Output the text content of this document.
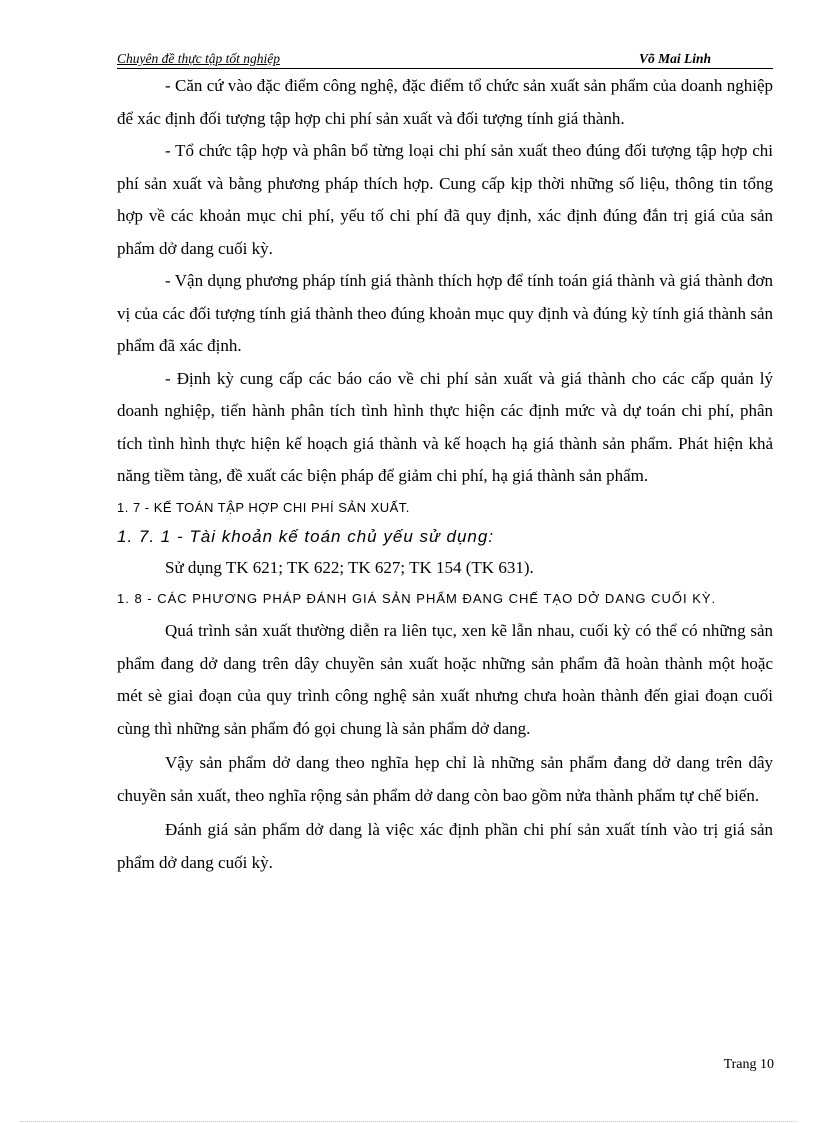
Chuyên đề thực tập tốt nghiệp	Võ Mai Linh

- Căn cứ vào đặc điểm công nghệ, đặc điểm tổ chức sản xuất sản phẩm của doanh nghiệp để xác định đối tượng tập hợp chi phí sản xuất và đối tượng tính giá thành.

- Tổ chức tập hợp và phân bổ từng loại chi phí sản xuất theo đúng đối tượng tập hợp chi phí sản xuất và bằng phương pháp thích hợp. Cung cấp kịp thời những số liệu, thông tin tổng hợp về các khoản mục chi phí, yếu tố chi phí đã quy định, xác định đúng đắn trị giá của sản phẩm dở dang cuối kỳ.

- Vận dụng phương pháp tính giá thành thích hợp để tính toán giá thành và giá thành đơn vị của các đối tượng tính giá thành theo đúng khoản mục quy định và đúng kỳ tính giá thành sản phẩm đã xác định.

- Định kỳ cung cấp các báo cáo về chi phí sản xuất và giá thành cho các cấp quản lý doanh nghiệp, tiến hành phân tích tình hình thực hiện các định mức và dự toán chi phí, phân tích tình hình thực hiện kế hoạch giá thành và kế hoạch hạ giá thành sản phẩm. Phát hiện khả năng tiềm tàng, đề xuất các biện pháp để giảm chi phí, hạ giá thành sản phẩm.

1. 7 - KẾ TOÁN TẬP HỢP CHI PHÍ SẢN XUẤT.

1. 7. 1 - Tài khoản kế toán chủ yếu sử dụng:

Sử dụng TK 621; TK 622; TK 627; TK 154 (TK 631).

1. 8 - CÁC PHƯƠNG PHÁP ĐÁNH GIÁ SẢN PHẨM ĐANG CHẾ TẠO DỞ DANG CUỐI KỲ.

Quá trình sản xuất thường diễn ra liên tục, xen kẽ lẫn nhau, cuối kỳ có thể có những sản phẩm đang dở dang trên dây chuyền sản xuất hoặc những sản phẩm đã hoàn thành một hoặc mét sè giai đoạn của quy trình công nghệ sản xuất nhưng chưa hoàn thành đến giai đoạn cuối cùng thì những sản phẩm đó gọi chung là sản phẩm dở dang.

Vậy sản phẩm dở dang theo nghĩa hẹp chỉ là những sản phẩm đang dở dang trên dây chuyền sản xuất, theo nghĩa rộng sản phẩm dở dang còn bao gồm nửa thành phẩm tự chế biến.

Đánh giá sản phẩm dở dang là việc xác định phần chi phí sản xuất tính vào trị giá sản phẩm dở dang cuối kỳ.

Trang 10
